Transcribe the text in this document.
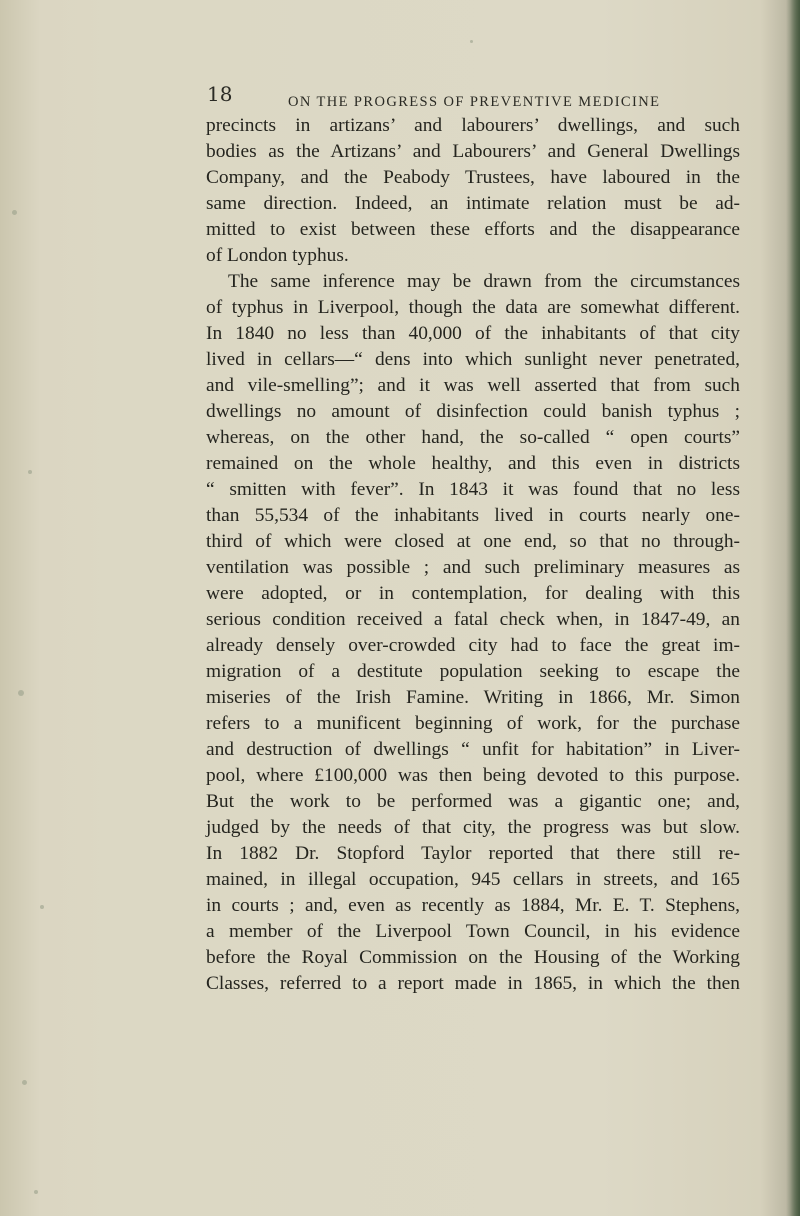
18	ON THE PROGRESS OF PREVENTIVE MEDICINE
precincts in artizans’ and labourers’ dwellings, and such
bodies as the Artizans’ and Labourers’ and General Dwellings
Company, and the Peabody Trustees, have laboured in the
same direction. Indeed, an intimate relation must be ad-
mitted to exist between these efforts and the disappearance
of London typhus.
The same inference may be drawn from the circumstances
of typhus in Liverpool, though the data are somewhat different.
In 1840 no less than 40,000 of the inhabitants of that city
lived in cellars—“ dens into which sunlight never penetrated,
and vile-smelling”; and it was well asserted that from such
dwellings no amount of disinfection could banish typhus ;
whereas, on the other hand, the so-called “ open courts”
remained on the whole healthy, and this even in districts
“ smitten with fever”. In 1843 it was found that no less
than 55,534 of the inhabitants lived in courts nearly one-
third of which were closed at one end, so that no through-
ventilation was possible ; and such preliminary measures as
were adopted, or in contemplation, for dealing with this
serious condition received a fatal check when, in 1847-49, an
already densely over-crowded city had to face the great im-
migration of a destitute population seeking to escape the
miseries of the Irish Famine. Writing in 1866, Mr. Simon
refers to a munificent beginning of work, for the purchase
and destruction of dwellings “ unfit for habitation” in Liver-
pool, where £100,000 was then being devoted to this purpose.
But the work to be performed was a gigantic one; and,
judged by the needs of that city, the progress was but slow.
In 1882 Dr. Stopford Taylor reported that there still re-
mained, in illegal occupation, 945 cellars in streets, and 165
in courts ; and, even as recently as 1884, Mr. E. T. Stephens,
a member of the Liverpool Town Council, in his evidence
before the Royal Commission on the Housing of the Working
Classes, referred to a report made in 1865, in which the then
